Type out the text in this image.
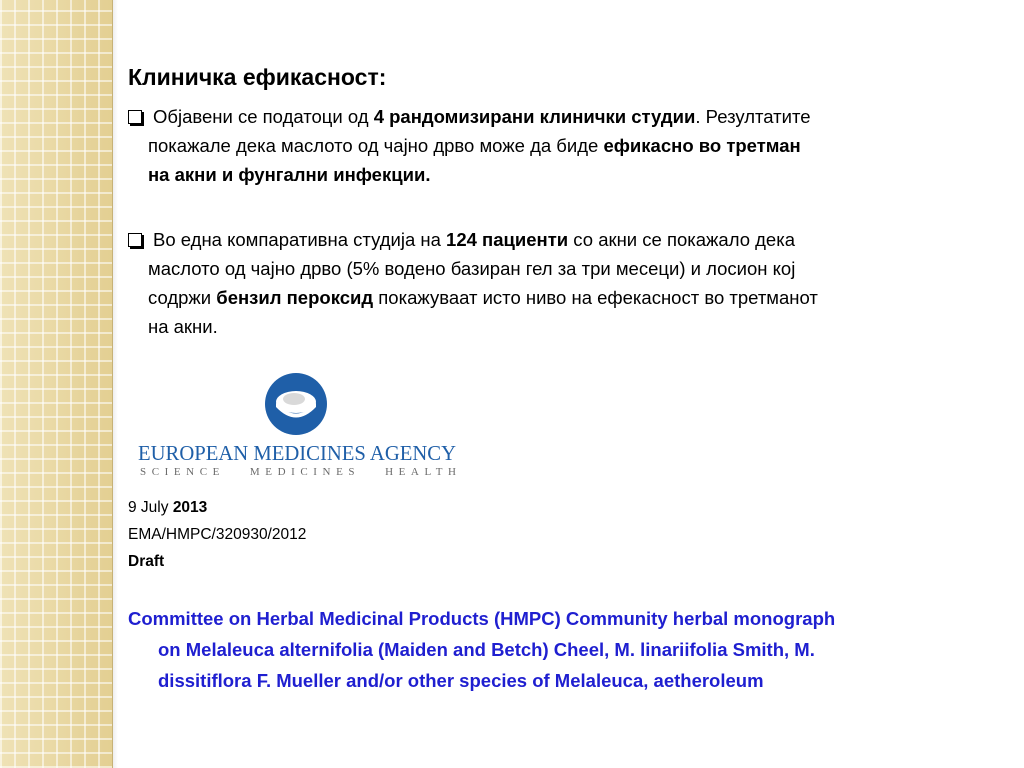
Клиничка ефикасност:
Објавени се податоци од 4 рандомизирани клинички студии. Резултатите
покажале дека маслото од чајно дрво може да биде ефикасно во третман
на акни и фунгални инфекции.
Во една компаративна студија на 124 пациенти со акни се покажало дека
маслото од чајно дрво (5% водено базиран гел за три месеци) и лосион кој
содржи бензил пероксид покажуваат исто ниво на ефекасност во третманот
на акни.
EUROPEAN MEDICINES AGENCY
SCIENCE   MEDICINES   HEALTH
9 July 2013
EMA/HMPC/320930/2012
Draft
Committee on Herbal Medicinal Products (HMPC) Community herbal monograph
on Melaleuca alternifolia (Maiden and Betch) Cheel, M. linariifolia Smith, M.
dissitiflora F. Mueller and/or other species of Melaleuca, aetheroleum
